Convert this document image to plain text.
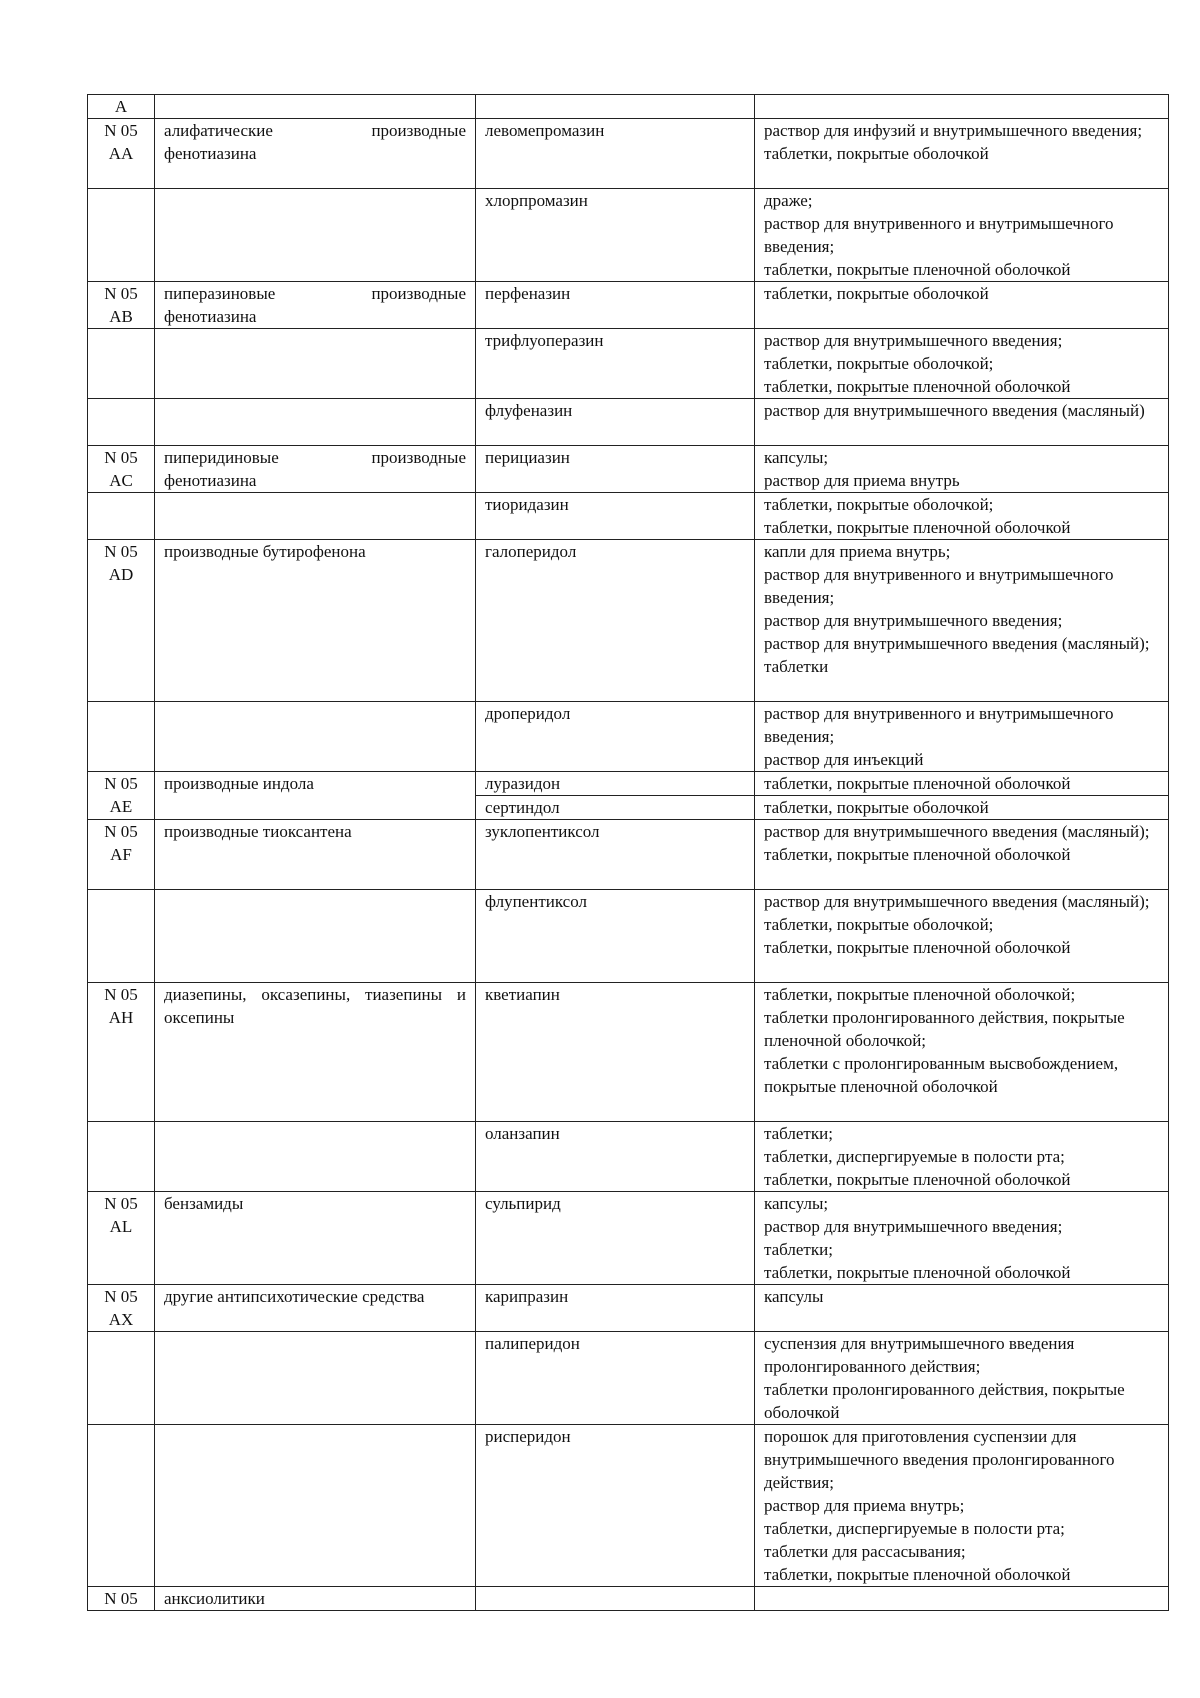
A			
N 05
AA	алифатические производные фенотиазина	левомепромазин	раствор для инфузий и внутримышечного введения;
таблетки, покрытые оболочкой
		хлорпромазин	драже;
раствор для внутривенного и внутримышечного введения;
таблетки, покрытые пленочной оболочкой
N 05
AB	пиперазиновые производные фенотиазина	перфеназин	таблетки, покрытые оболочкой
		трифлуоперазин	раствор для внутримышечного введения;
таблетки, покрытые оболочкой;
таблетки, покрытые пленочной оболочкой
		флуфеназин	раствор для внутримышечного введения (масляный)
N 05
AC	пиперидиновые производные фенотиазина	перициазин	капсулы;
раствор для приема внутрь
		тиоридазин	таблетки, покрытые оболочкой;
таблетки, покрытые пленочной оболочкой
N 05
AD	производные бутирофенона	галоперидол	капли для приема внутрь;
раствор для внутривенного и внутримышечного введения;
раствор для внутримышечного введения;
раствор для внутримышечного введения (масляный);
таблетки
		дроперидол	раствор для внутривенного и внутримышечного введения;
раствор для инъекций
N 05
AE	производные индола	луразидон	таблетки, покрытые пленочной оболочкой
		сертиндол	таблетки, покрытые оболочкой
N 05
AF	производные тиоксантена	зуклопентиксол	раствор для внутримышечного введения (масляный);
таблетки, покрытые пленочной оболочкой
		флупентиксол	раствор для внутримышечного введения (масляный);
таблетки, покрытые оболочкой;
таблетки, покрытые пленочной оболочкой
N 05
AH	диазепины, оксазепины, тиазепины и оксепины	кветиапин	таблетки, покрытые пленочной оболочкой;
таблетки пролонгированного действия, покрытые пленочной оболочкой;
таблетки с пролонгированным высвобождением, покрытые пленочной оболочкой
		оланзапин	таблетки;
таблетки, диспергируемые в полости рта;
таблетки, покрытые пленочной оболочкой
N 05
AL	бензамиды	сульпирид	капсулы;
раствор для внутримышечного введения;
таблетки;
таблетки, покрытые пленочной оболочкой
N 05
AX	другие антипсихотические средства	карипразин	капсулы
		палиперидон	суспензия для внутримышечного введения пролонгированного действия;
таблетки пролонгированного действия, покрытые оболочкой
		рисперидон	порошок для приготовления суспензии для внутримышечного введения пролонгированного действия;
раствор для приема внутрь;
таблетки, диспергируемые в полости рта;
таблетки для рассасывания;
таблетки, покрытые пленочной оболочкой
N 05	анксиолитики		
